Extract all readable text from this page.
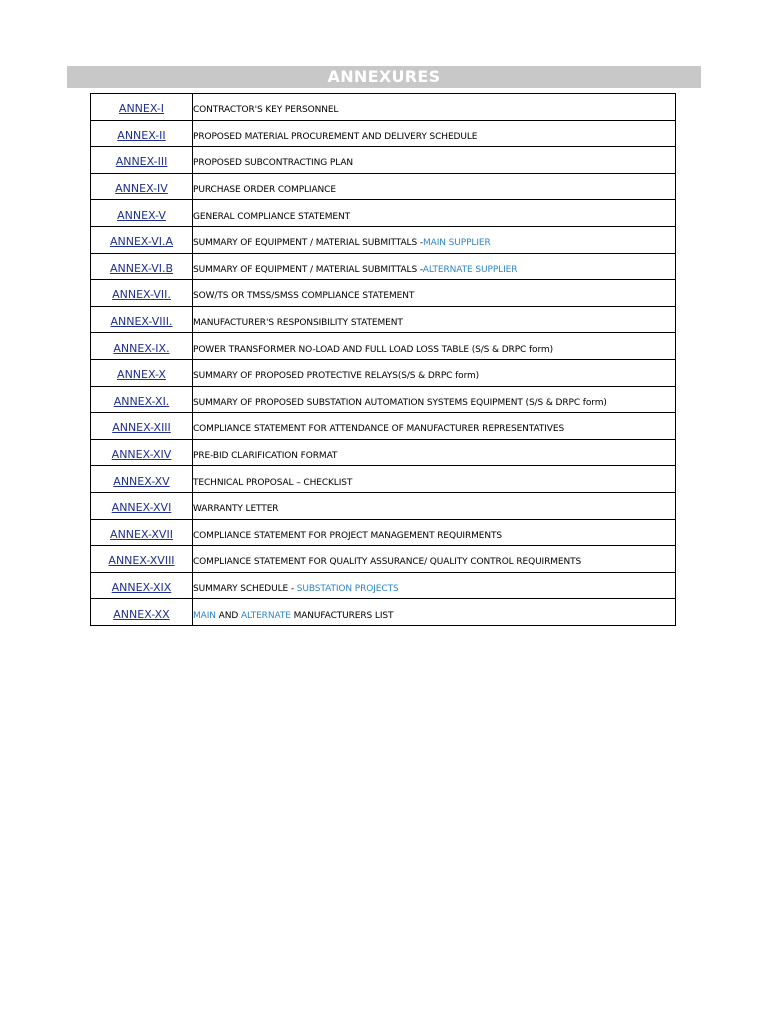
ANNEXURES
ANNEX-I	CONTRACTOR'S KEY PERSONNEL
ANNEX-II	PROPOSED MATERIAL PROCUREMENT AND DELIVERY SCHEDULE
ANNEX-III	PROPOSED SUBCONTRACTING PLAN
ANNEX-IV	PURCHASE ORDER COMPLIANCE
ANNEX-V	GENERAL COMPLIANCE STATEMENT
ANNEX-VI.A	SUMMARY OF EQUIPMENT / MATERIAL SUBMITTALS -MAIN SUPPLIER
ANNEX-VI.B	SUMMARY OF EQUIPMENT / MATERIAL SUBMITTALS -ALTERNATE SUPPLIER
ANNEX-VII.	SOW/TS OR TMSS/SMSS COMPLIANCE STATEMENT
ANNEX-VIII.	MANUFACTURER'S RESPONSIBILITY STATEMENT
ANNEX-IX.	POWER TRANSFORMER NO-LOAD AND FULL LOAD LOSS TABLE (S/S & DRPC form)
ANNEX-X	SUMMARY OF PROPOSED PROTECTIVE RELAYS(S/S & DRPC form)
ANNEX-XI.	SUMMARY OF PROPOSED SUBSTATION AUTOMATION SYSTEMS EQUIPMENT (S/S & DRPC form)
ANNEX-XIII	COMPLIANCE STATEMENT FOR ATTENDANCE OF MANUFACTURER REPRESENTATIVES
ANNEX-XIV	PRE-BID CLARIFICATION FORMAT
ANNEX-XV	TECHNICAL PROPOSAL – CHECKLIST
ANNEX-XVI	WARRANTY LETTER
ANNEX-XVII	COMPLIANCE STATEMENT FOR PROJECT MANAGEMENT REQUIRMENTS
ANNEX-XVIII	COMPLIANCE STATEMENT FOR QUALITY ASSURANCE/ QUALITY CONTROL REQUIRMENTS
ANNEX-XIX	SUMMARY SCHEDULE - SUBSTATION PROJECTS
ANNEX-XX	MAIN AND ALTERNATE MANUFACTURERS LIST
